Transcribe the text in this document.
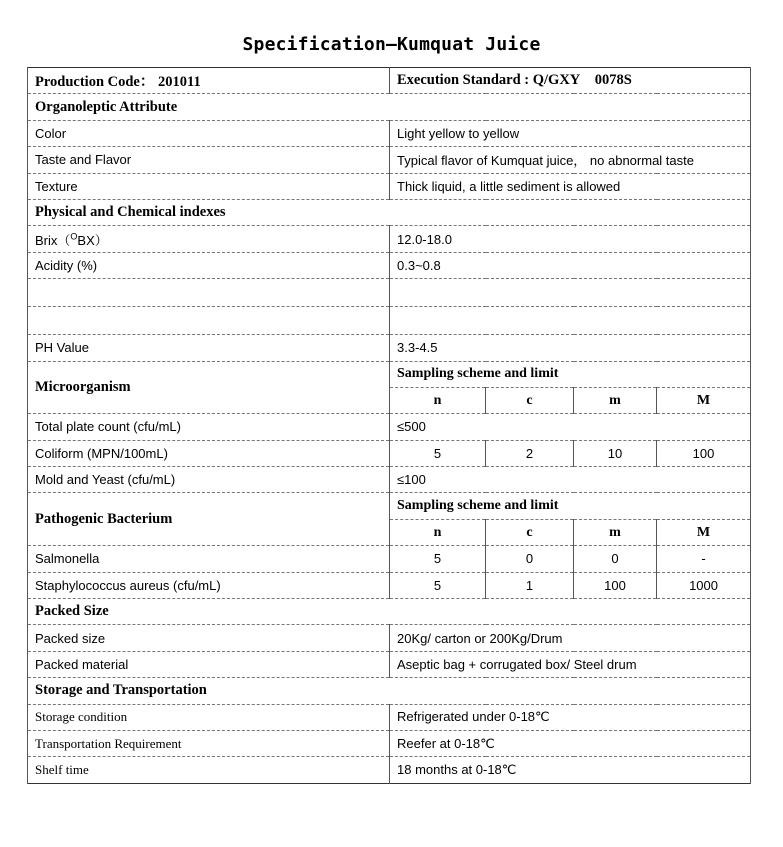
Specification—Kumquat Juice
Production Code： 201011	Execution Standard : Q/GXY    0078S			
Organoleptic Attribute				
Color	Light yellow to yellow			
Taste and Flavor	Typical flavor of Kumquat juice， no abnormal taste			
Texture	Thick liquid, a little sediment is allowed			
Physical and Chemical indexes				
Brix（$^O$BX）	12.0-18.0			
Acidity (%)	0.3~0.8			

PH Value	3.3-4.5			
Microorganism	Sampling scheme and limit			
	n	c	m	M
Total plate count (cfu/mL)	≤500			
Coliform (MPN/100mL)	5	2	10	100
Mold and Yeast (cfu/mL)	≤100			
Pathogenic Bacterium	Sampling scheme and limit			
	n	c	m	M
Salmonella	5	0	0	-
Staphylococcus aureus (cfu/mL)	5	1	100	1000
Packed Size				
Packed size	20Kg/ carton or 200Kg/Drum			
Packed material	Aseptic bag + corrugated box/ Steel drum			
Storage and Transportation				
Storage condition	Refrigerated under 0-18℃			
Transportation Requirement	Reefer at 0-18℃			
Shelf time	18 months at 0-18℃			
